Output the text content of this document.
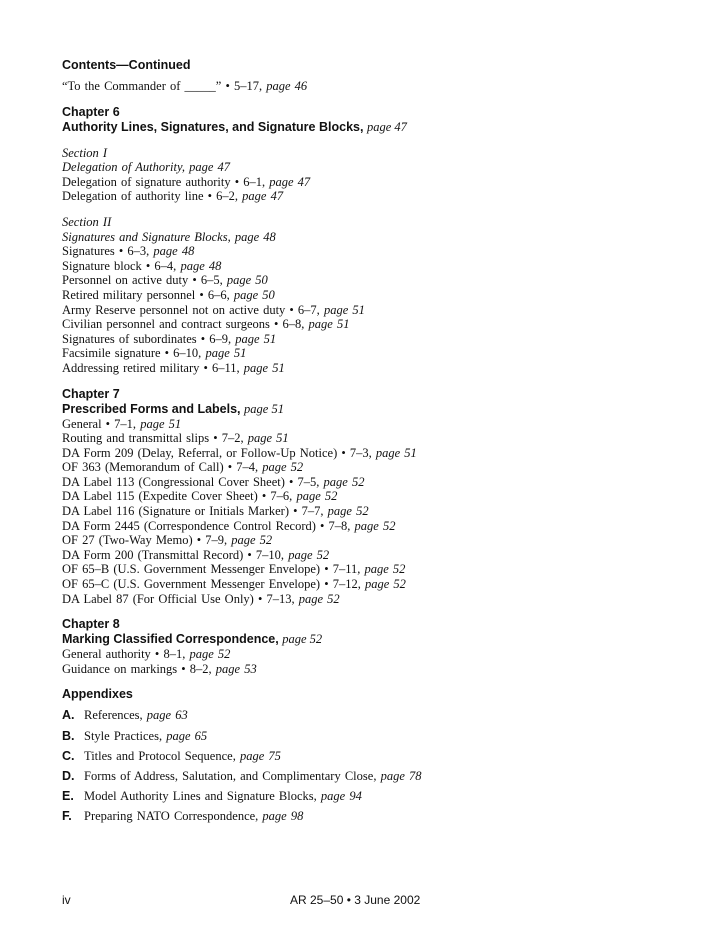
Contents—Continued
“To the Commander of _____” • 5–17, page 46
Chapter 6
Authority Lines, Signatures, and Signature Blocks, page 47
Section I
Delegation of Authority, page 47
Delegation of signature authority • 6–1, page 47
Delegation of authority line • 6–2, page 47
Section II
Signatures and Signature Blocks, page 48
Signatures • 6–3, page 48
Signature block • 6–4, page 48
Personnel on active duty • 6–5, page 50
Retired military personnel • 6–6, page 50
Army Reserve personnel not on active duty • 6–7, page 51
Civilian personnel and contract surgeons • 6–8, page 51
Signatures of subordinates • 6–9, page 51
Facsimile signature • 6–10, page 51
Addressing retired military • 6–11, page 51
Chapter 7
Prescribed Forms and Labels, page 51
General • 7–1, page 51
Routing and transmittal slips • 7–2, page 51
DA Form 209 (Delay, Referral, or Follow-Up Notice) • 7–3, page 51
OF 363 (Memorandum of Call) • 7–4, page 52
DA Label 113 (Congressional Cover Sheet) • 7–5, page 52
DA Label 115 (Expedite Cover Sheet) • 7–6, page 52
DA Label 116 (Signature or Initials Marker) • 7–7, page 52
DA Form 2445 (Correspondence Control Record) • 7–8, page 52
OF 27 (Two-Way Memo) • 7–9, page 52
DA Form 200 (Transmittal Record) • 7–10, page 52
OF 65–B (U.S. Government Messenger Envelope) • 7–11, page 52
OF 65–C (U.S. Government Messenger Envelope) • 7–12, page 52
DA Label 87 (For Official Use Only) • 7–13, page 52
Chapter 8
Marking Classified Correspondence, page 52
General authority • 8–1, page 52
Guidance on markings • 8–2, page 53
Appendixes
A. References, page 63
B. Style Practices, page 65
C. Titles and Protocol Sequence, page 75
D. Forms of Address, Salutation, and Complimentary Close, page 78
E. Model Authority Lines and Signature Blocks, page 94
F. Preparing NATO Correspondence, page 98
iv	AR 25–50 • 3 June 2002
